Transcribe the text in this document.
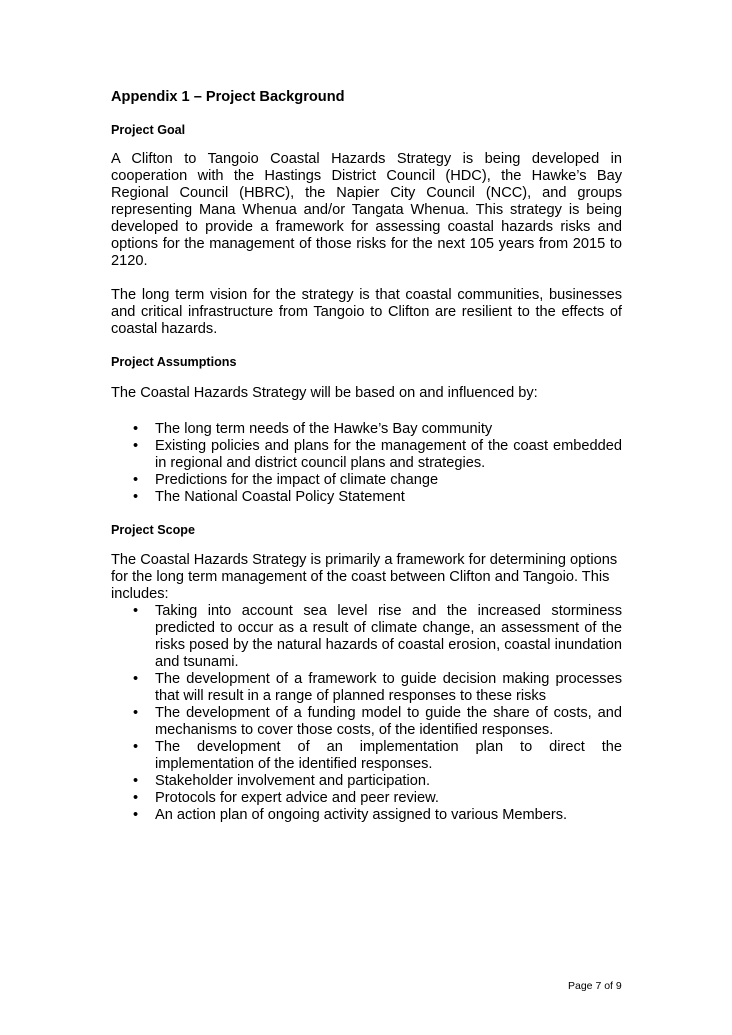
Appendix 1 – Project Background

Project Goal

A Clifton to Tangoio Coastal Hazards Strategy is being developed in cooperation with the Hastings District Council (HDC), the Hawke’s Bay Regional Council (HBRC), the Napier City Council (NCC), and groups representing Mana Whenua and/or Tangata Whenua. This strategy is being developed to provide a framework for assessing coastal hazards risks and options for the management of those risks for the next 105 years from 2015 to 2120.

The long term vision for the strategy is that coastal communities, businesses and critical infrastructure from Tangoio to Clifton are resilient to the effects of coastal hazards.

Project Assumptions

The Coastal Hazards Strategy will be based on and influenced by:

•	The long term needs of the Hawke’s Bay community
•	Existing policies and plans for the management of the coast embedded in regional and district council plans and strategies.
•	Predictions for the impact of climate change
•	The National Coastal Policy Statement

Project Scope

The Coastal Hazards Strategy is primarily a framework for determining options for the long term management of the coast between Clifton and Tangoio. This includes:

•	Taking into account sea level rise and the increased storminess predicted to occur as a result of climate change, an assessment of the risks posed by the natural hazards of coastal erosion, coastal inundation and tsunami.
•	The development of a framework to guide decision making processes that will result in a range of planned responses to these risks
•	The development of a funding model to guide the share of costs, and mechanisms to cover those costs, of the identified responses.
•	The development of an implementation plan to direct the implementation of the identified responses.
•	Stakeholder involvement and participation.
•	Protocols for expert advice and peer review.
•	An action plan of ongoing activity assigned to various Members.
Page 7 of 9
